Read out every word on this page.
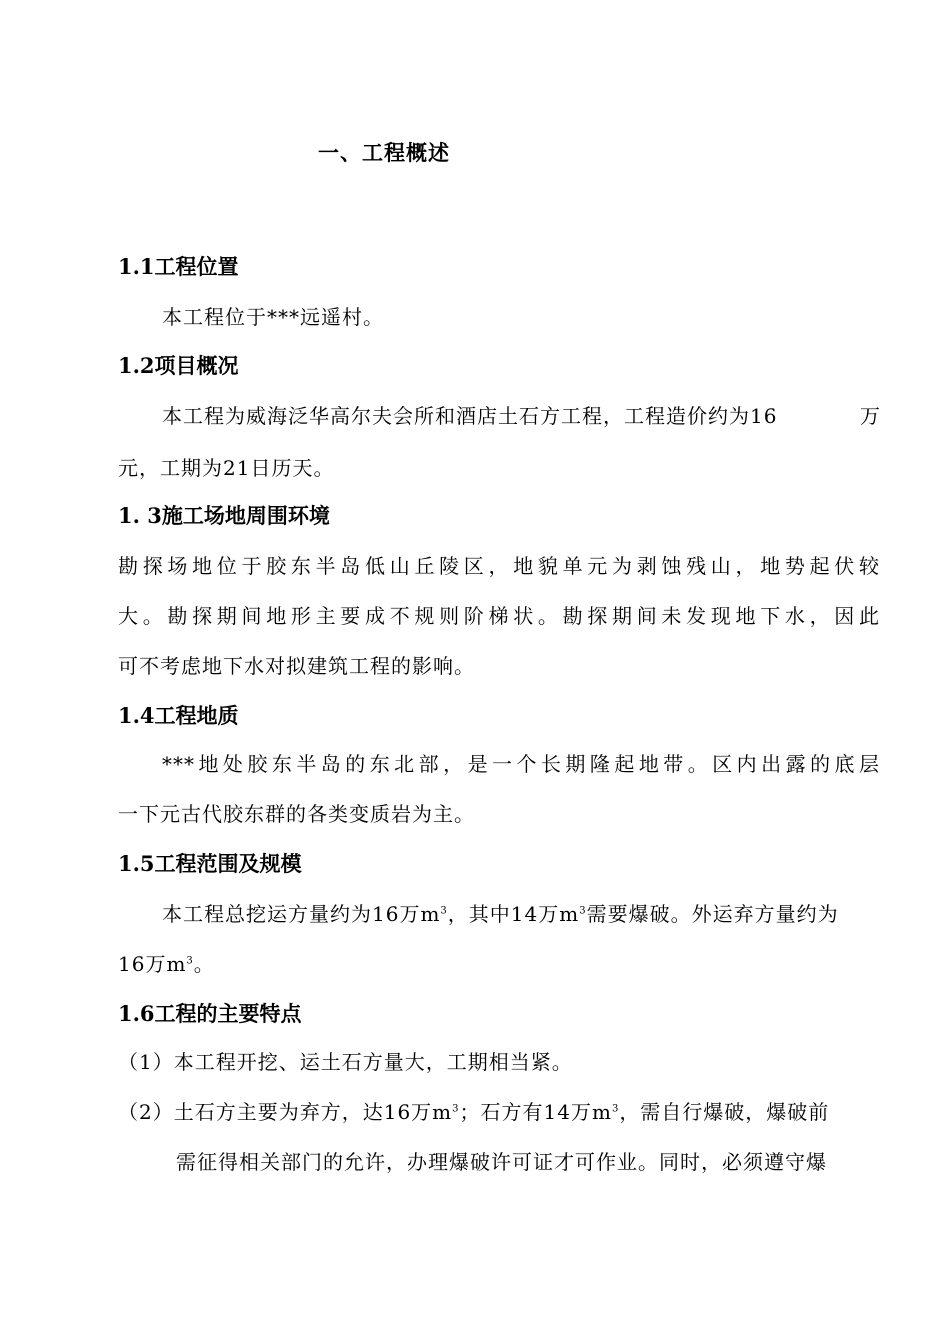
一、工程概述
1.1工程位置
本工程位于***远遥村。
1.2项目概况
本工程为威海泛华高尔夫会所和酒店土石方工程，工程造价约为16	万
元，工期为21日历天。
1. 3施工场地周围环境
勘探场地位于胶东半岛低山丘陵区，地貌单元为剥蚀残山，地势起伏较
大。勘探期间地形主要成不规则阶梯状。勘探期间未发现地下水，因此
可不考虑地下水对拟建筑工程的影响。
1.4工程地质
***地处胶东半岛的东北部，是一个长期隆起地带。区内出露的底层
一下元古代胶东群的各类变质岩为主。
1.5工程范围及规模
本工程总挖运方量约为16万$m^3$，其中14万$m^3$需要爆破。外运弃方量约为
16万$m^3$。
1.6工程的主要特点
（1）本工程开挖、运土石方量大，工期相当紧。
（2）土石方主要为弃方，达16万$m^3$；石方有14万$m^3$，需自行爆破，爆破前
需征得相关部门的允许，办理爆破许可证才可作业。同时，必须遵守爆
